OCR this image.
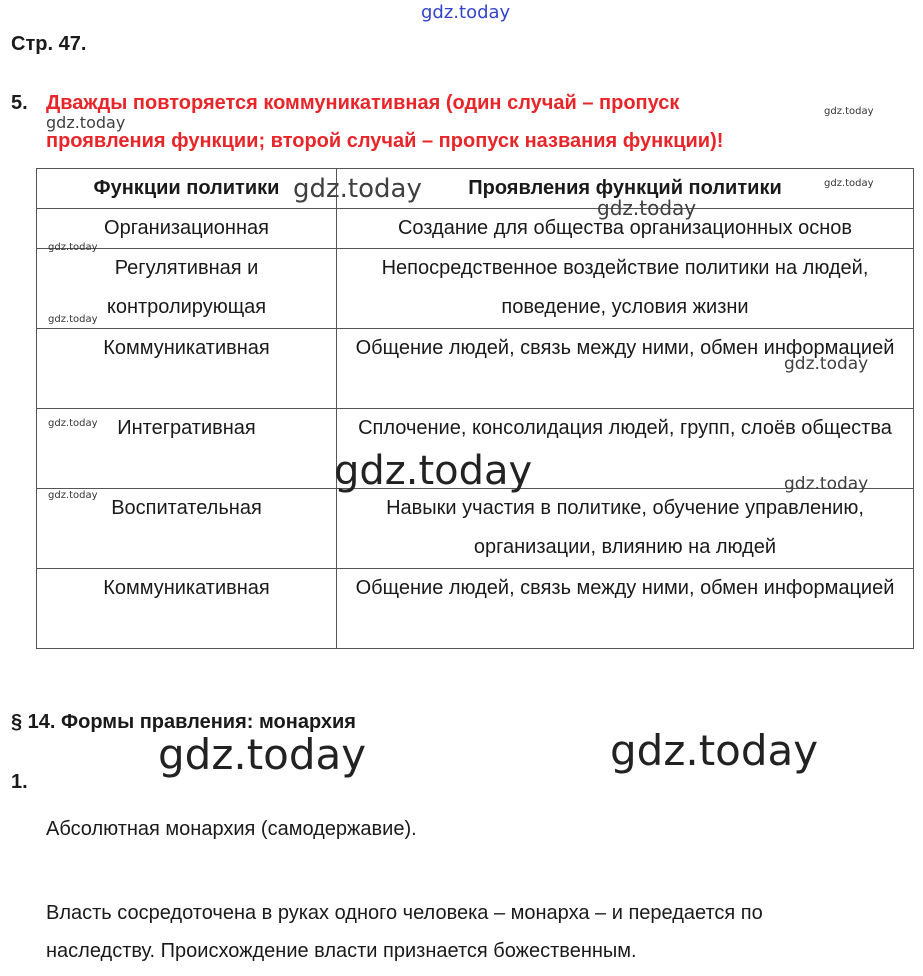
gdz.today
Стр. 47.
5. Дважды повторяется коммуникативная (один случай – пропуск
проявления функции; второй случай – пропуск названия функции)!
Функции политики	Проявления функций политики
Организационная	Создание для общества организационных основ
Регулятивная и контролирующая	Непосредственное воздействие политики на людей, поведение, условия жизни
Коммуникативная	Общение людей, связь между ними, обмен информацией
Интегративная	Сплочение, консолидация людей, групп, слоёв общества
Воспитательная	Навыки участия в политике, обучение управлению, организации, влиянию на людей
Коммуникативная	Общение людей, связь между ними, обмен информацией
§ 14. Формы правления: монархия
1.
Абсолютная монархия (самодержавие).
Власть сосредоточена в руках одного человека – монарха – и передается по
наследству. Происхождение власти признается божественным.
gdz.today
gdz.today
gdz.today	gdz.today
gdz.today
gdz.today
gdz.today
gdz.today
gdz.today
gdz.today	gdz.today
gdz.today
gdz.today	gdz.today
